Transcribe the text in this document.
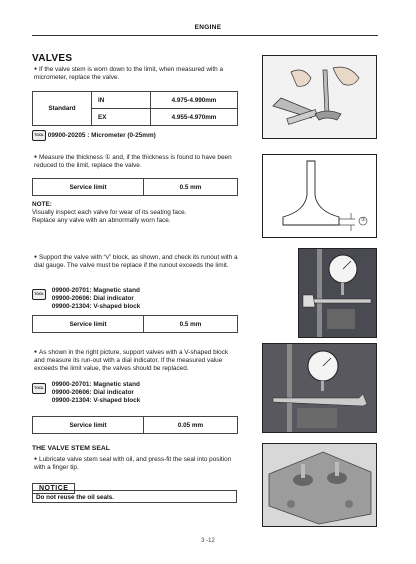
ENGINE
VALVES
● If the valve stem is worn down to the limit, when measured with a micrometer, replace the valve.
Standard	IN	4.975-4.990mm
	EX	4.955-4.970mm
TOOL 09900-20205 : Micrometer (0-25mm)
● Measure the thickness ① and, if the thickness is found to have been reduced to the limit, replace the valve.
Service limit	0.5 mm
NOTE:
Visually inspect each valve for wear of its seating face.
Replace any valve with an abnormally worn face.	①
● Support the valve with “v” block, as shown, and check its runout with a dial gauge. The valve must be replace if the runout exceeds the limit.
TOOL 09900-20701: Magnetic stand
09900-20606: Dial indicator
09900-21304: V-shaped block
Service limit	0.5 mm
● As shown in the right picture, support valves with a V-shaped block and measure its run-out with a dial indicator. If the measured value exceeds the limit value, the valves should be replaced.
TOOL 09900-20701: Magnetic stand
09900-20606: Dial indicator
09900-21304: V-shaped block
Service limit	0.05 mm
THE VALVE STEM SEAL
● Lubricate valve stem seal with oil, and press-fit the seal into position with a finger tip.
NOTICE
Do not reuse the oil seals.
3 -12
